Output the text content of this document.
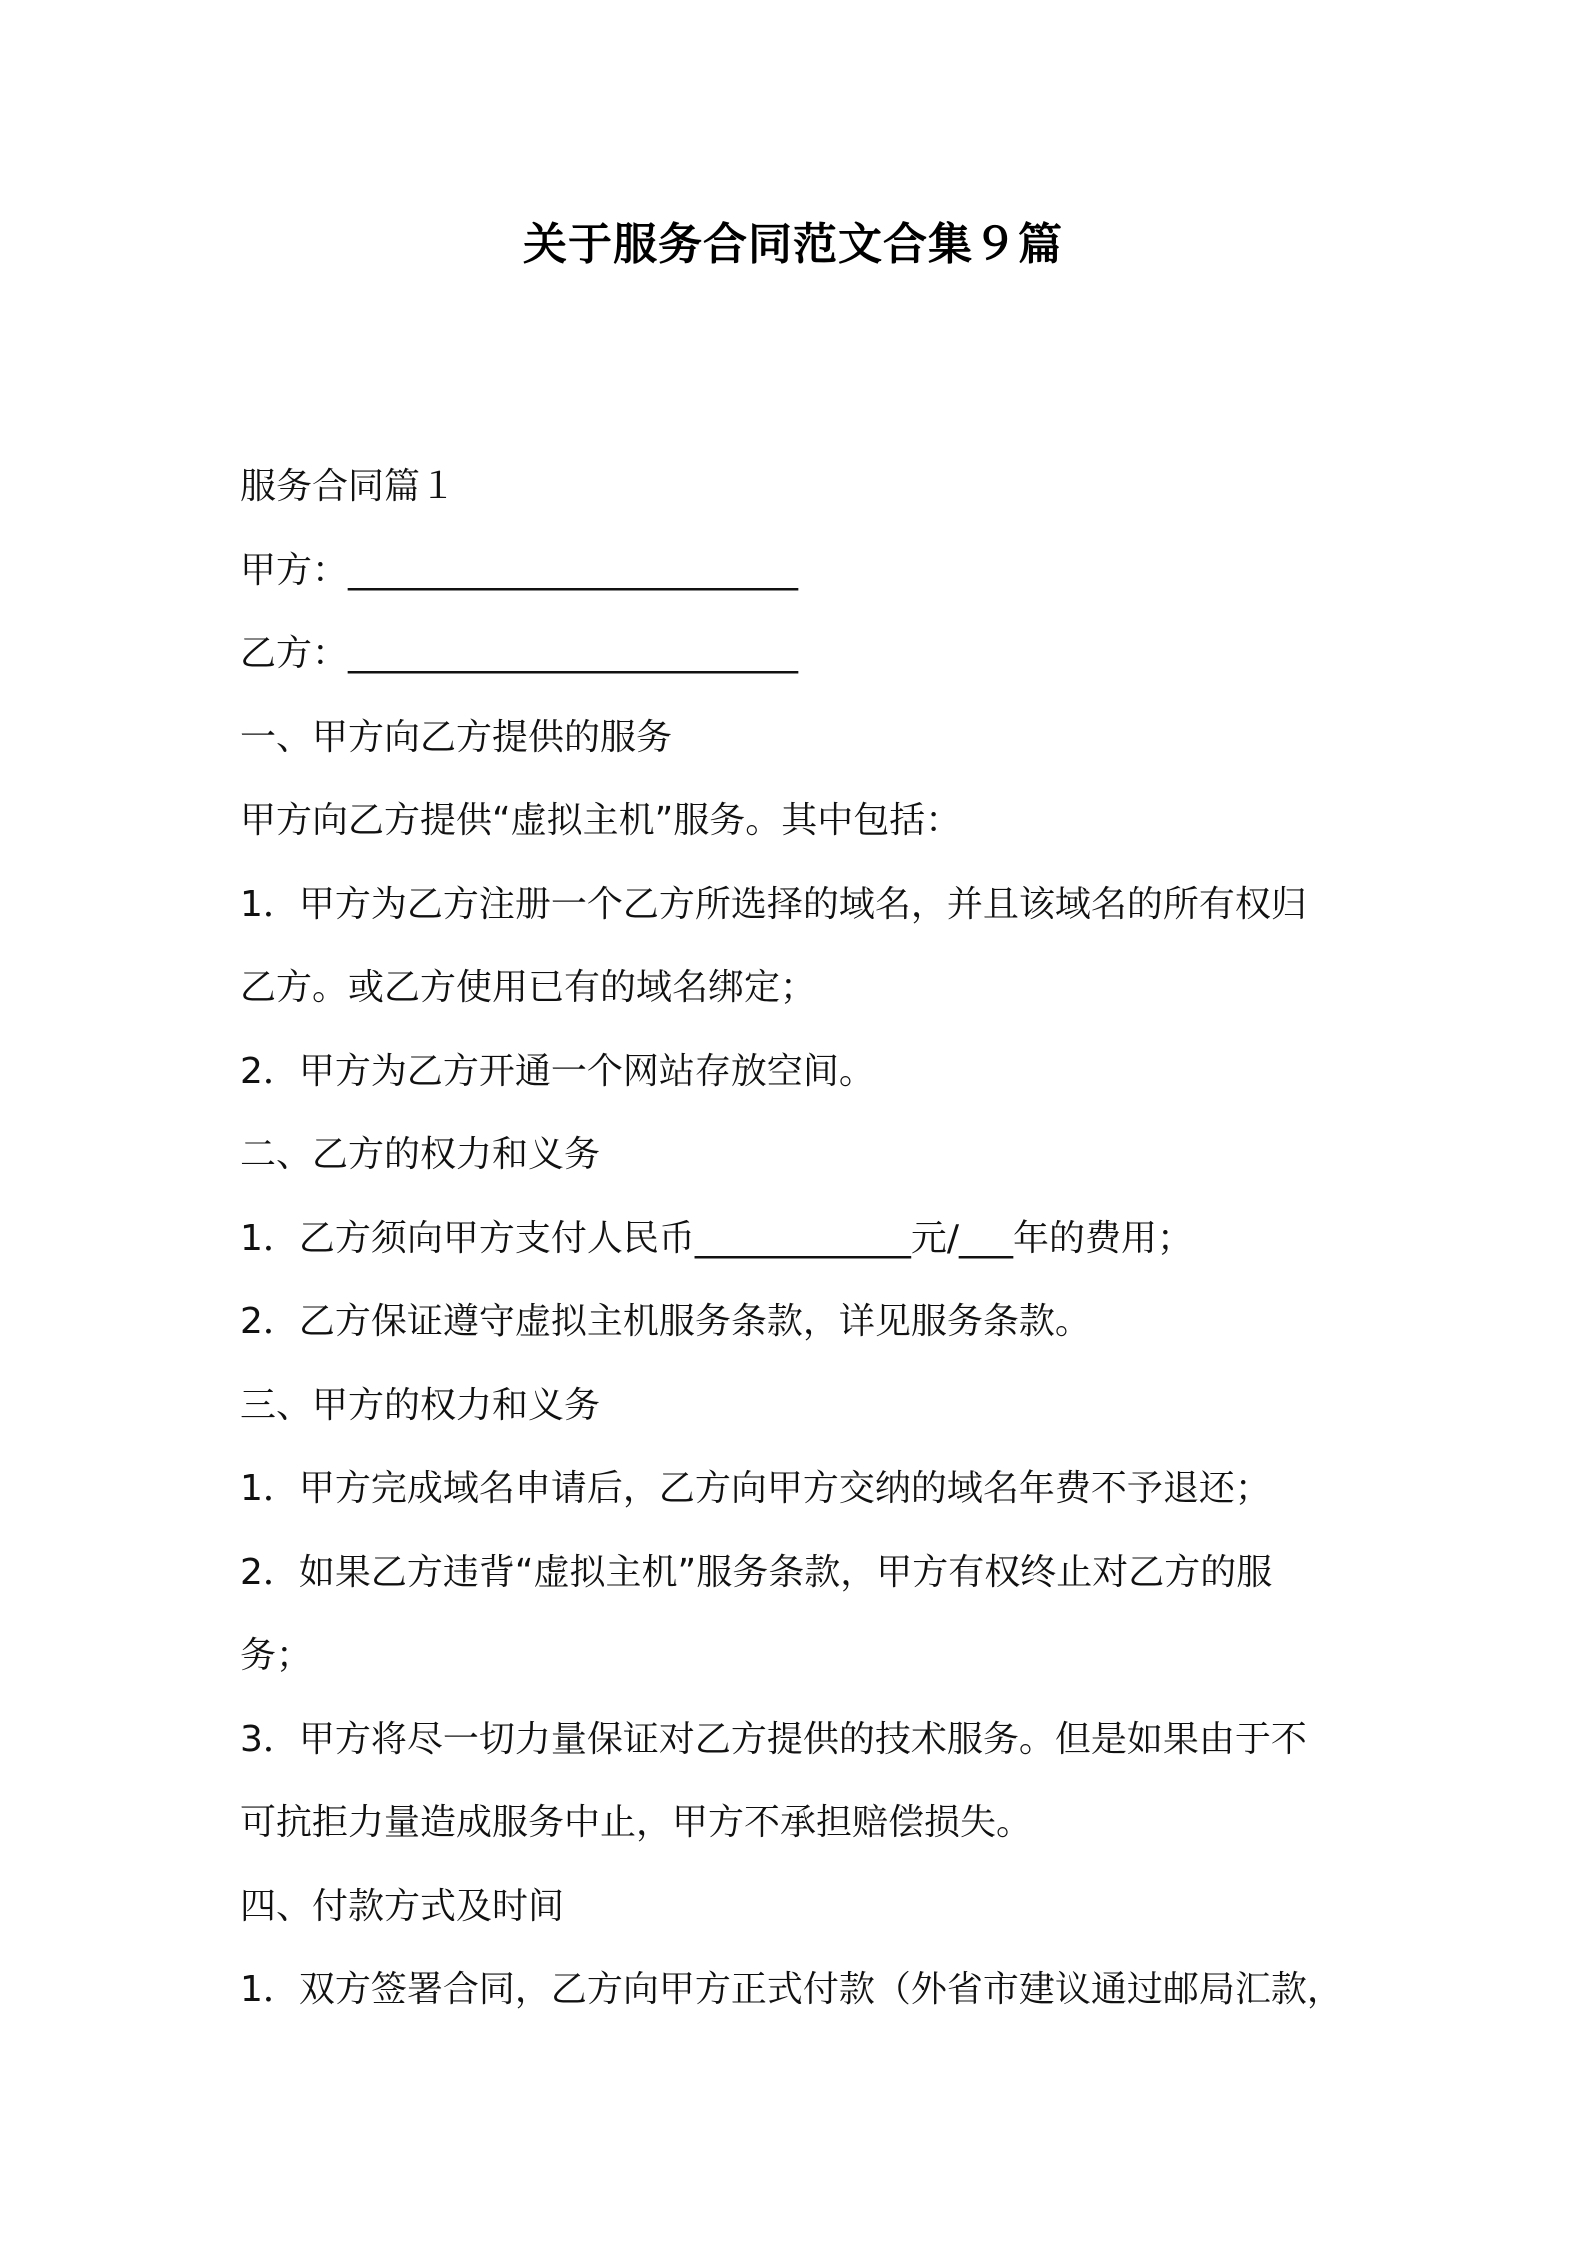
关于服务合同范文合集９篇
服务合同篇１
甲方：_________________________
乙方：_________________________
一、甲方向乙方提供的服务
甲方向乙方提供“虚拟主机”服务。其中包括：
1．甲方为乙方注册一个乙方所选择的域名，并且该域名的所有权归
乙方。或乙方使用已有的域名绑定；
2．甲方为乙方开通一个网站存放空间。
二、乙方的权力和义务
1．乙方须向甲方支付人民币____________元/___年的费用；
2．乙方保证遵守虚拟主机服务条款，详见服务条款。
三、甲方的权力和义务
1．甲方完成域名申请后，乙方向甲方交纳的域名年费不予退还；
2．如果乙方违背“虚拟主机”服务条款，甲方有权终止对乙方的服
务；
3．甲方将尽一切力量保证对乙方提供的技术服务。但是如果由于不
可抗拒力量造成服务中止，甲方不承担赔偿损失。
四、付款方式及时间
1．双方签署合同，乙方向甲方正式付款（外省市建议通过邮局汇款，
